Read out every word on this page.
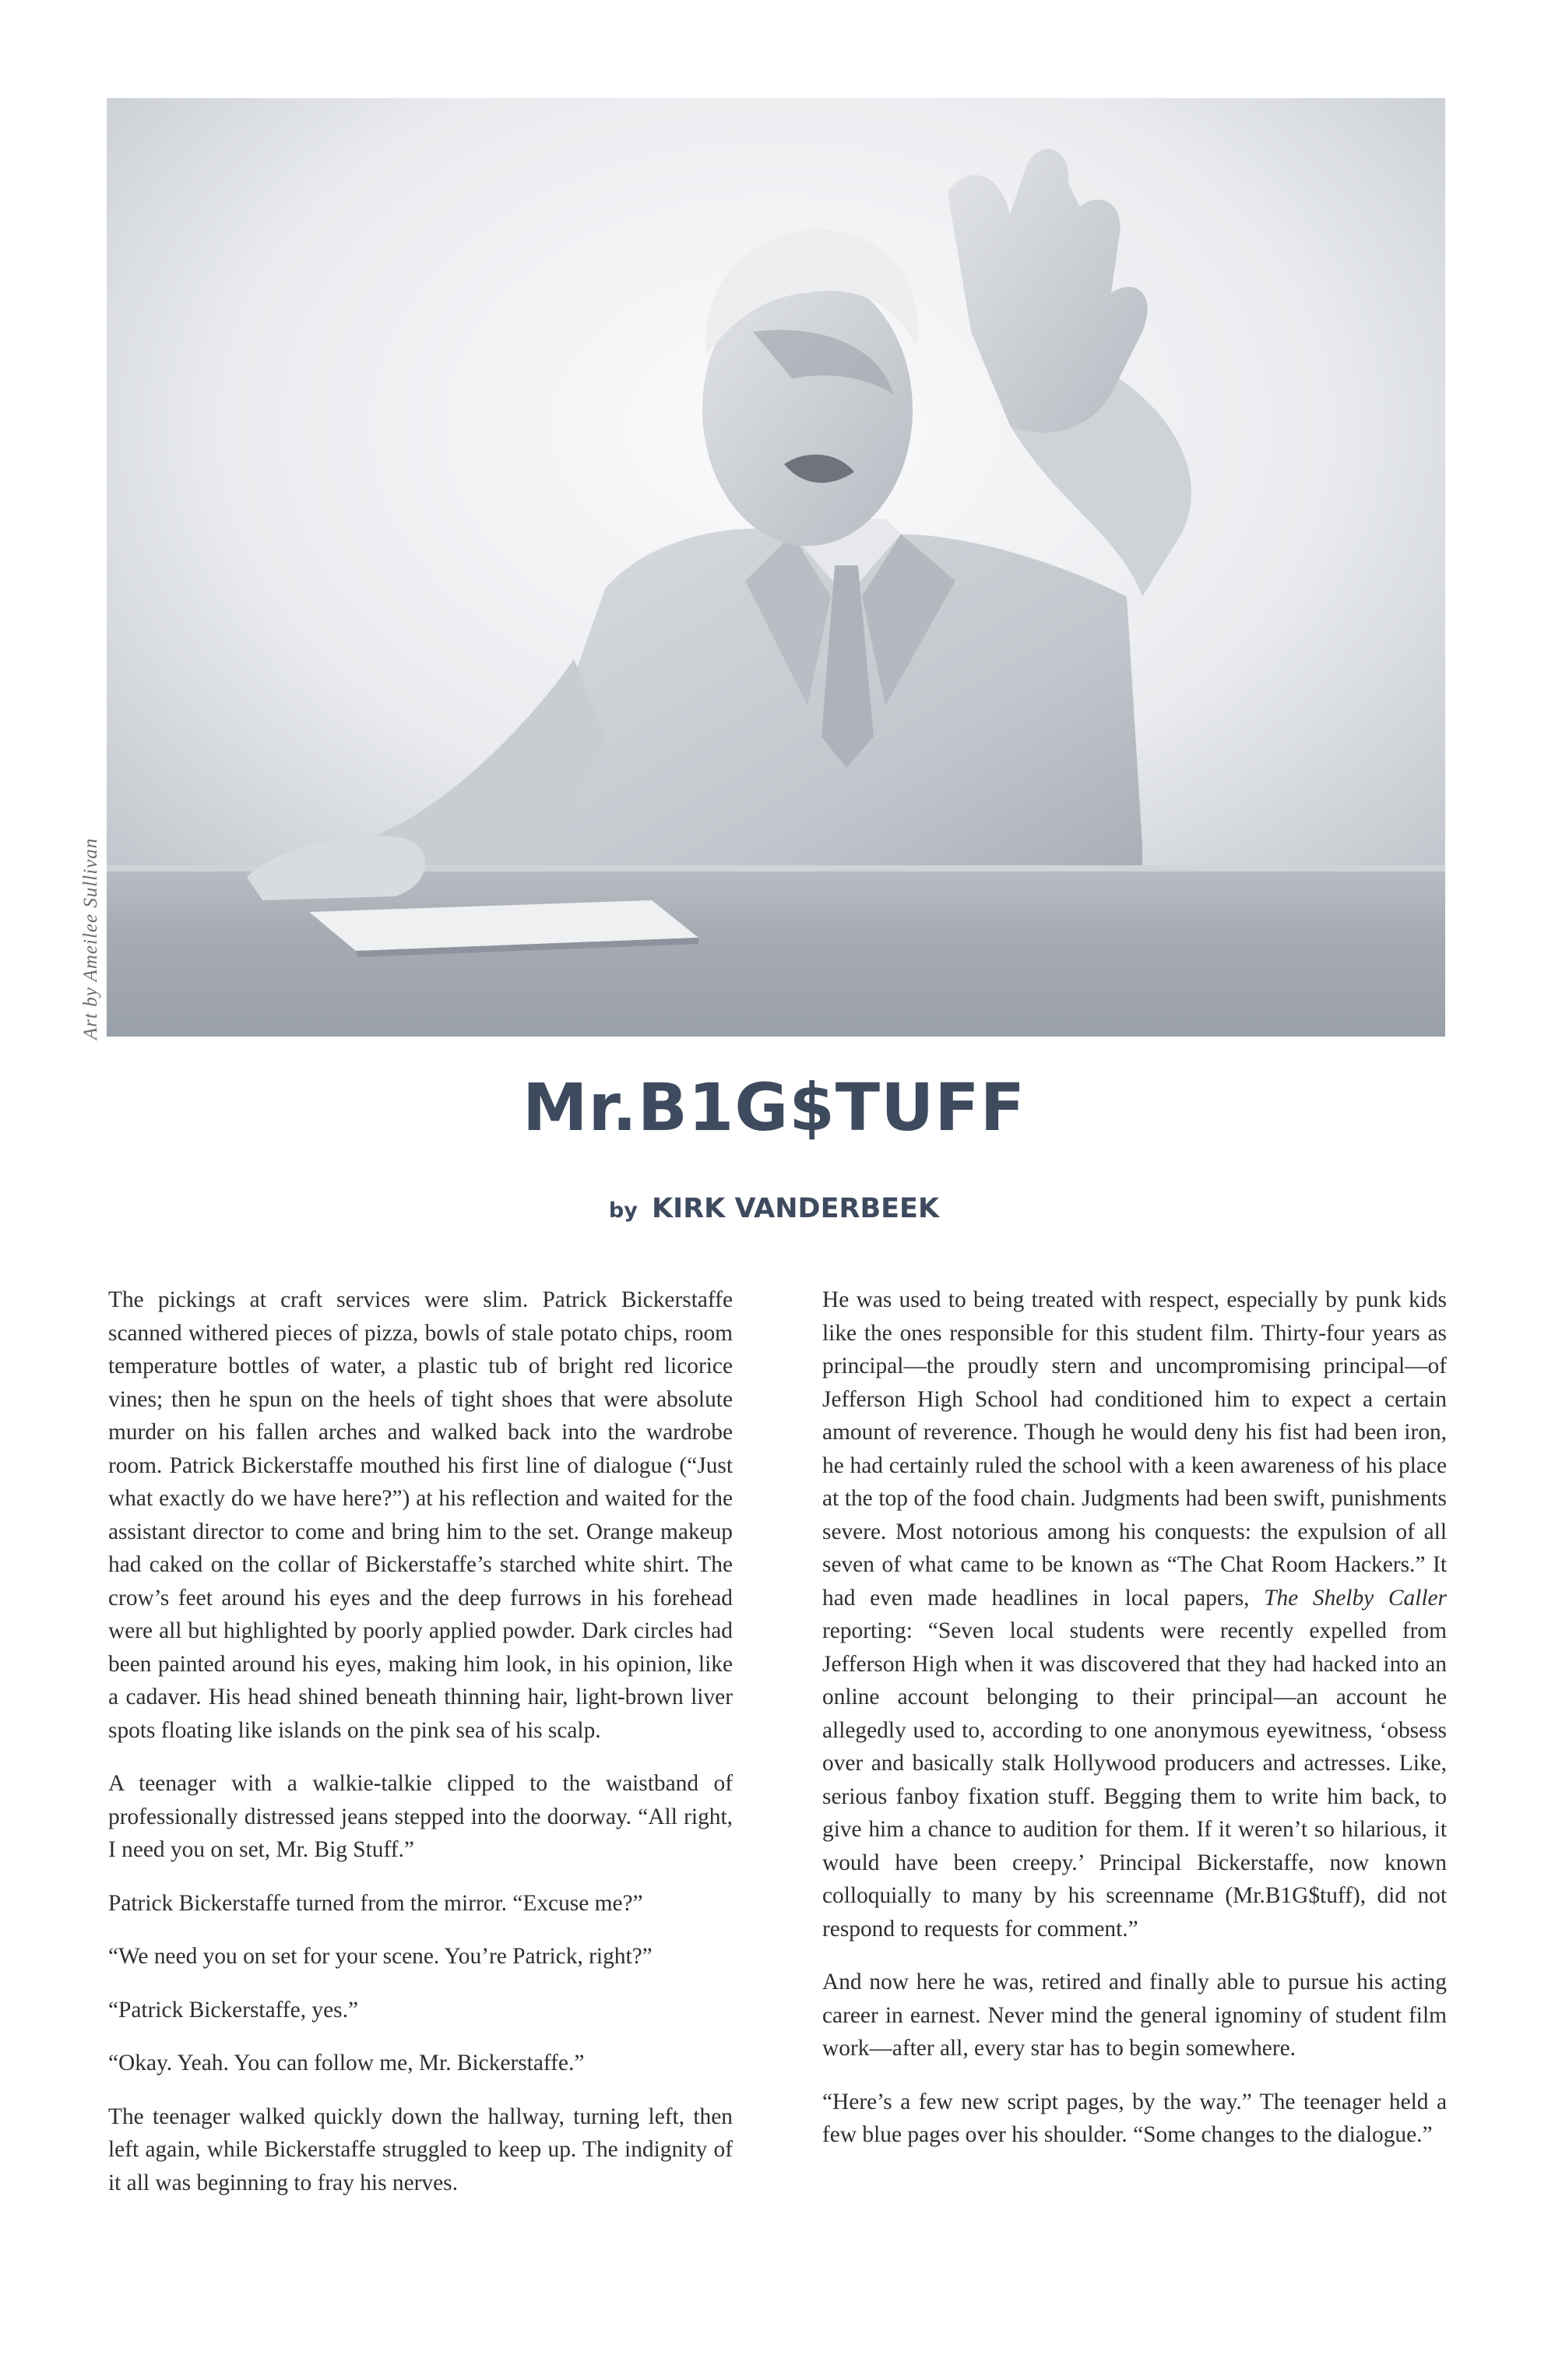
Art by Ameilee Sullivan
Mr.B1G$TUFF
by KIRK VANDERBEEK

The pickings at craft services were slim. Patrick Bickerstaffe scanned withered pieces of pizza, bowls of stale potato chips, room temperature bottles of water, a plastic tub of bright red licorice vines; then he spun on the heels of tight shoes that were absolute murder on his fallen arches and walked back into the wardrobe room. Patrick Bickerstaffe mouthed his first line of dialogue (“Just what exactly do we have here?”) at his reflection and waited for the assistant director to come and bring him to the set. Orange makeup had caked on the collar of Bickerstaffe’s starched white shirt. The crow’s feet around his eyes and the deep furrows in his forehead were all but highlighted by poorly applied powder. Dark circles had been painted around his eyes, making him look, in his opinion, like a cadaver. His head shined beneath thinning hair, light-brown liver spots floating like islands on the pink sea of his scalp.

A teenager with a walkie-talkie clipped to the waistband of professionally distressed jeans stepped into the doorway. “All right, I need you on set, Mr. Big Stuff.”

Patrick Bickerstaffe turned from the mirror. “Excuse me?”

“We need you on set for your scene. You’re Patrick, right?”

“Patrick Bickerstaffe, yes.”

“Okay. Yeah. You can follow me, Mr. Bickerstaffe.”

The teenager walked quickly down the hallway, turning left, then left again, while Bickerstaffe struggled to keep up. The indignity of it all was beginning to fray his nerves.

He was used to being treated with respect, especially by punk kids like the ones responsible for this student film. Thirty-four years as principal—the proudly stern and uncompromising principal—of Jefferson High School had conditioned him to expect a certain amount of reverence. Though he would deny his fist had been iron, he had certainly ruled the school with a keen awareness of his place at the top of the food chain. Judgments had been swift, punishments severe. Most notorious among his conquests: the expulsion of all seven of what came to be known as “The Chat Room Hackers.” It had even made headlines in local papers, The Shelby Caller reporting: “Seven local students were recently expelled from Jefferson High when it was discovered that they had hacked into an online account belonging to their principal—an account he allegedly used to, according to one anonymous eyewitness, ‘obsess over and basically stalk Hollywood producers and actresses. Like, serious fanboy fixation stuff. Begging them to write him back, to give him a chance to audition for them. If it weren’t so hilarious, it would have been creepy.’ Principal Bickerstaffe, now known colloquially to many by his screenname (Mr.B1G$tuff), did not respond to requests for comment.”

And now here he was, retired and finally able to pursue his acting career in earnest. Never mind the general ignominy of student film work—after all, every star has to begin somewhere.

“Here’s a few new script pages, by the way.” The teenager held a few blue pages over his shoulder. “Some changes to the dialogue.”
